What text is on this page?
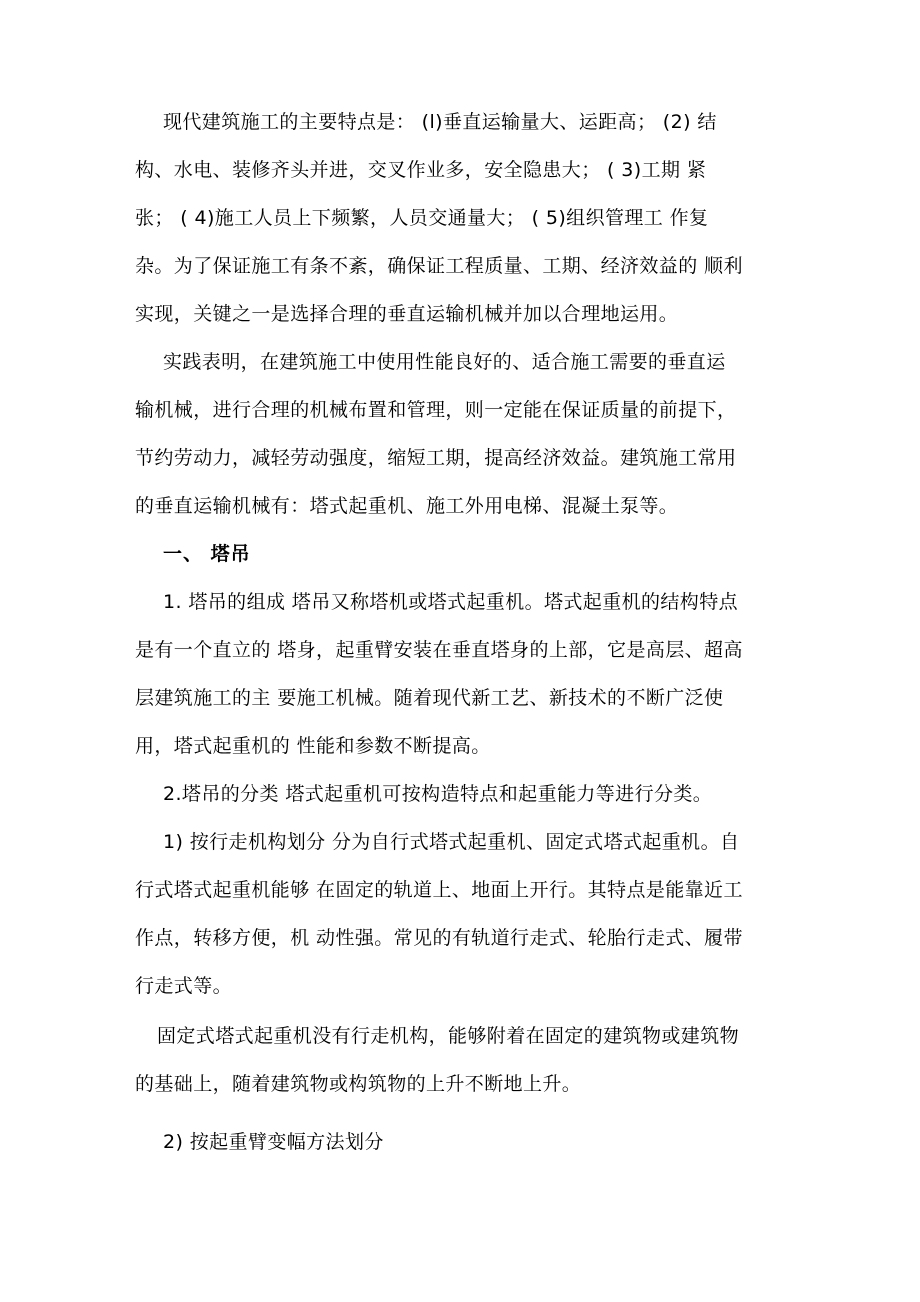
现代建筑施工的主要特点是： (l)垂直运输量大、运距高； (2) 结
构、水电、装修齐头并进，交叉作业多，安全隐患大； ( 3)工期 紧
张； ( 4)施工人员上下频繁，人员交通量大； ( 5)组织管理工 作复
杂。为了保证施工有条不紊，确保证工程质量、工期、经济效益的 顺利
实现，关键之一是选择合理的垂直运输机械并加以合理地运用。
实践表明，在建筑施工中使用性能良好的、适合施工需要的垂直运
输机械，进行合理的机械布置和管理，则一定能在保证质量的前提下，
节约劳动力，减轻劳动强度，缩短工期，提高经济效益。建筑施工常用
的垂直运输机械有：塔式起重机、施工外用电梯、混凝土泵等。
一、 塔吊
1. 塔吊的组成 塔吊又称塔机或塔式起重机。塔式起重机的结构特点
是有一个直立的 塔身，起重臂安装在垂直塔身的上部，它是高层、超高
层建筑施工的主 要施工机械。随着现代新工艺、新技术的不断广泛使
用，塔式起重机的 性能和参数不断提高。
2.塔吊的分类 塔式起重机可按构造特点和起重能力等进行分类。
1) 按行走机构划分 分为自行式塔式起重机、固定式塔式起重机。自
行式塔式起重机能够 在固定的轨道上、地面上开行。其特点是能靠近工
作点，转移方便，机 动性强。常见的有轨道行走式、轮胎行走式、履带
行走式等。
固定式塔式起重机没有行走机构，能够附着在固定的建筑物或建筑物
的基础上，随着建筑物或构筑物的上升不断地上升。
2) 按起重臂变幅方法划分
